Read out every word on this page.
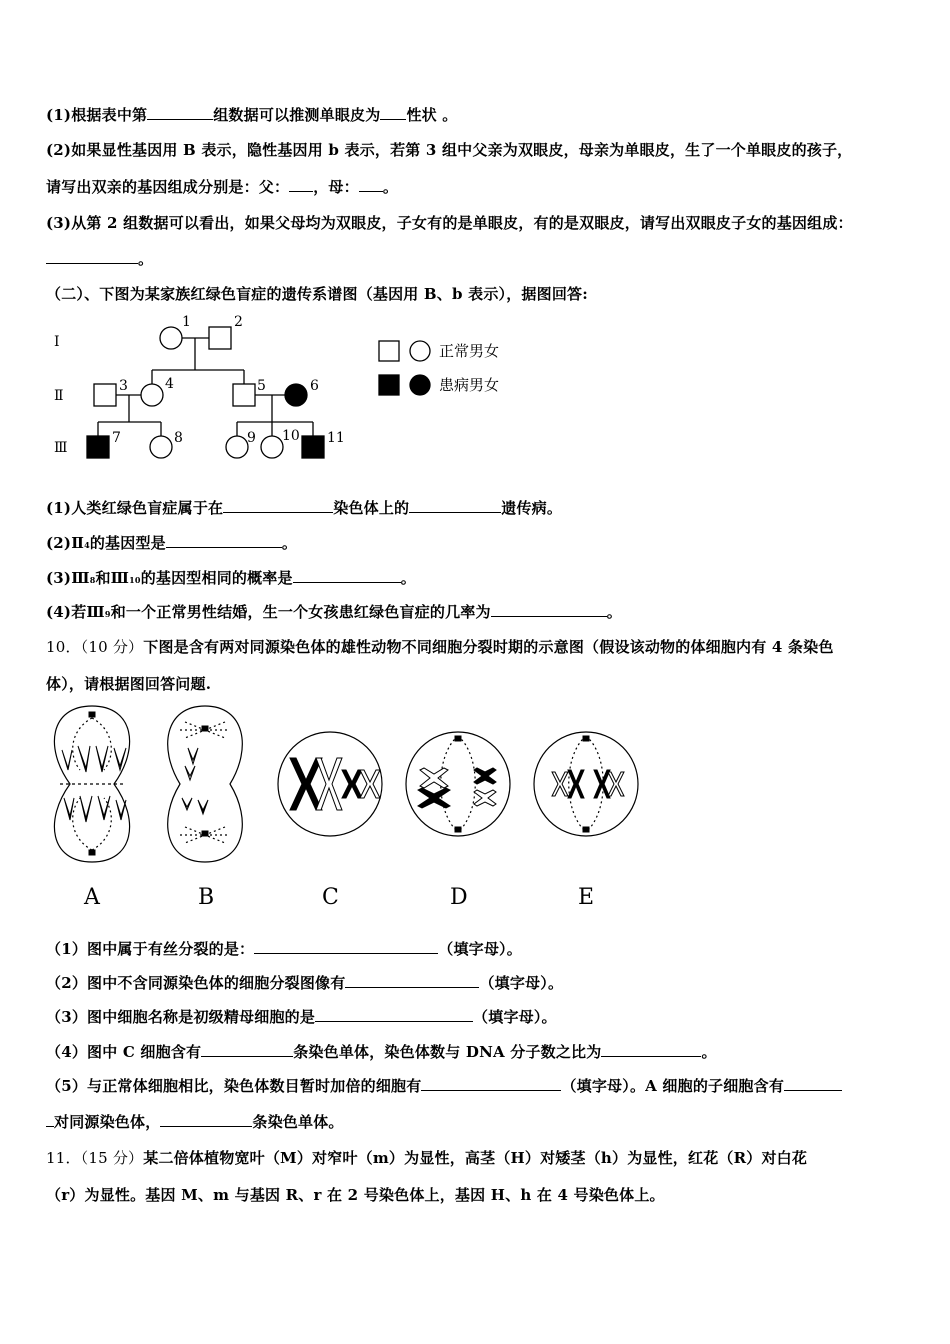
(1)根据表中第	组数据可以推测单眼皮为 性状 。
(2)如果显性基因用 B 表示，隐性基因用 b 表示，若第 3 组中父亲为双眼皮，母亲为单眼皮，生了一个单眼皮的孩子，
请写出双亲的基因组成分别是：父： ，母： 。
(3)从第 2 组数据可以看出，如果父母均为双眼皮，子女有的是单眼皮，有的是双眼皮，请写出双眼皮子女的基因组成：
。
（二）、下图为某家族红绿色盲症的遗传系谱图（基因用 B、b 表示），据图回答:
I
Ⅱ
Ⅲ
1	2
3	4	5	6
7	8	9 10 11
正常男女
患病男女
(1)人类红绿色盲症属于在	染色体上的	遗传病。
(2)Ⅱ4的基因型是	。
(3)Ⅲ8和Ⅲ10的基因型相同的概率是	。
(4)若Ⅲ9和一个正常男性结婚，生一个女孩患红绿色盲症的几率为	。
10．（10 分）下图是含有两对同源染色体的雄性动物不同细胞分裂时期的示意图（假设该动物的体细胞内有 4 条染色
体），请根据图回答问题.
A	B	C	D	E
（1）图中属于有丝分裂的是：	（填字母）。
（2）图中不含同源染色体的细胞分裂图像有	（填字母）。
（3）图中细胞名称是初级精母细胞的是	（填字母）。
（4）图中 C 细胞含有	条染色单体，染色体数与 DNA 分子数之比为	。
（5）与正常体细胞相比，染色体数目暂时加倍的细胞有	（填字母）。A 细胞的子细胞含有
对同源染色体，	条染色单体。
11．（15 分）某二倍体植物宽叶（M）对窄叶（m）为显性，高茎（H）对矮茎（h）为显性，红花（R）对白花
（r）为显性。基因 M、m 与基因 R、r 在 2 号染色体上，基因 H、h 在 4 号染色体上。
